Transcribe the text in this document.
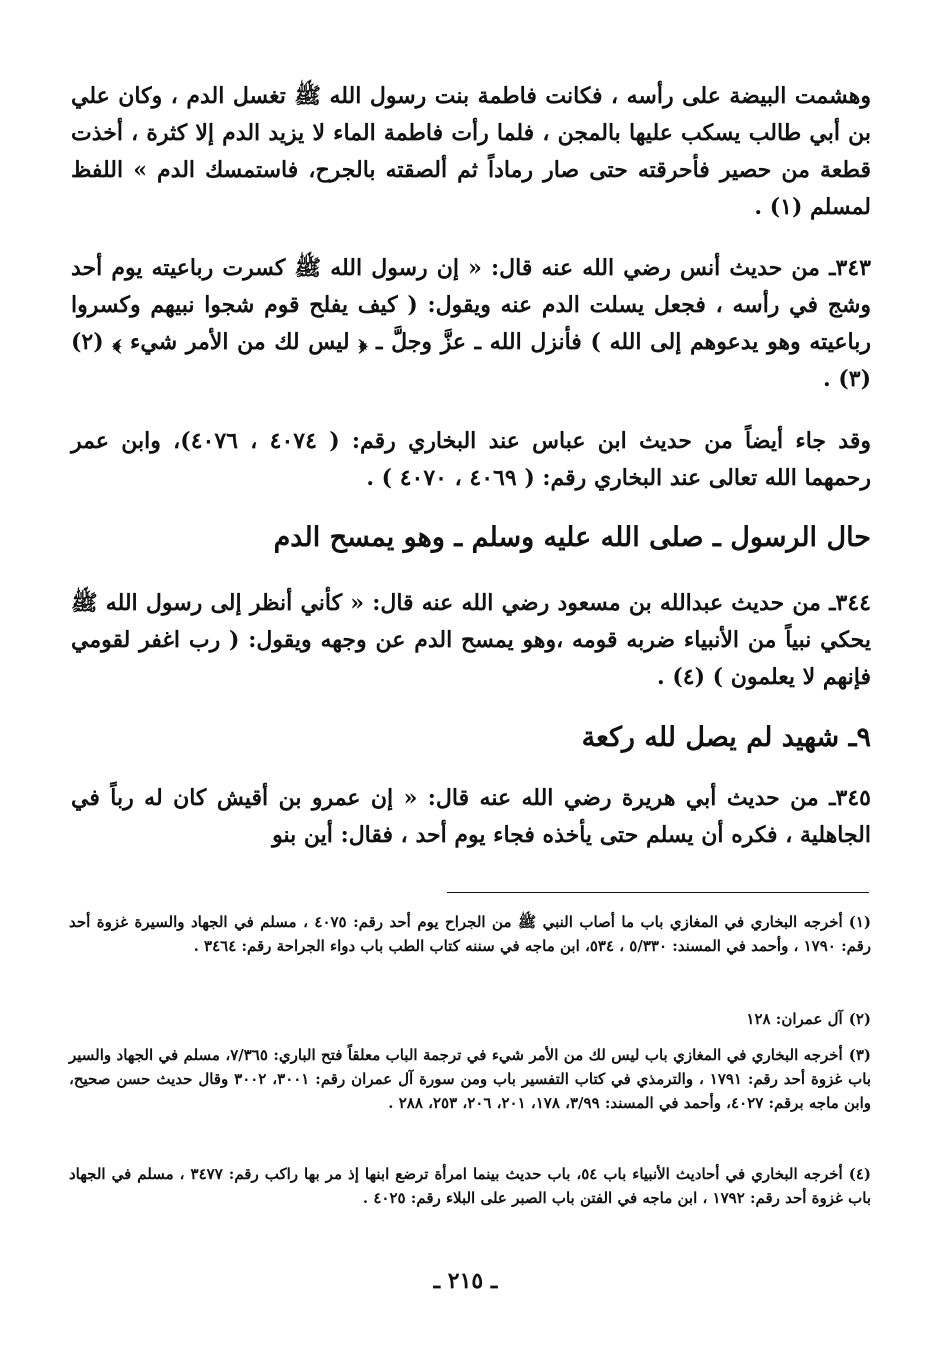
وهشمت البيضة على رأسه ، فكانت فاطمة بنت رسول الله ﷺ تغسل الدم ، وكان علي بن أبي طالب يسكب عليها بالمجن ، فلما رأت فاطمة الماء لا يزيد الدم إلا كثرة ، أخذت قطعة من حصير فأحرقته حتى صار رماداً ثم ألصقته بالجرح، فاستمسك الدم » اللفظ لمسلم (١) .
٣٤٣ـ من حديث أنس رضي الله عنه قال: « إن رسول الله ﷺ كسرت رباعيته يوم أحد وشج في رأسه ، فجعل يسلت الدم عنه ويقول: ( كيف يفلح قوم شجوا نبيهم وكسروا رباعيته وهو يدعوهم إلى الله ) فأنزل الله ـ عزَّ وجلَّ ـ ﴿ ليس لك من الأمر شيء ﴾ (٢) (٣) .
وقد جاء أيضاً من حديث ابن عباس عند البخاري رقم: ( ٤٠٧٤ ، ٤٠٧٦)، وابن عمر رحمهما الله تعالى عند البخاري رقم: ( ٤٠٦٩ ، ٤٠٧٠ ) .
حال الرسول ـ صلى الله عليه وسلم ـ وهو يمسح الدم
٣٤٤ـ من حديث عبدالله بن مسعود رضي الله عنه قال: « كأني أنظر إلى رسول الله ﷺ يحكي نبياً من الأنبياء ضربه قومه ،وهو يمسح الدم عن وجهه ويقول: ( رب اغفر لقومي فإنهم لا يعلمون ) (٤) .
٩ـ شهيد لم يصل لله ركعة
٣٤٥ـ من حديث أبي هريرة رضي الله عنه قال: « إن عمرو بن أقيش كان له رباً في الجاهلية ، فكره أن يسلم حتى يأخذه فجاء يوم أحد ، فقال: أين بنو
(١)أخرجه البخاري في المغازي باب ما أصاب النبي ﷺ من الجراح يوم أحد رقم: ٤٠٧٥ ، مسلم في الجهاد والسيرة غزوة أحد رقم: ١٧٩٠ ، وأحمد في المسند: ٥/٣٣٠ ، ٥٣٤، ابن ماجه في سننه كتاب الطب باب دواء الجراحة رقم: ٣٤٦٤ .
(٢)آل عمران: ١٢٨
(٣)أخرجه البخاري في المغازي باب ليس لك من الأمر شيء في ترجمة الباب معلقاً فتح الباري: ٧/٣٦٥، مسلم في الجهاد والسير باب غزوة أحد رقم: ١٧٩١ ، والترمذي في كتاب التفسير باب ومن سورة آل عمران رقم: ٣٠٠١، ٣٠٠٢ وقال حديث حسن صحيح، وابن ماجه برقم: ٤٠٢٧، وأحمد في المسند: ٣/٩٩، ١٧٨، ٢٠١، ٢٠٦، ٢٥٣، ٢٨٨ .
(٤)أخرجه البخاري في أحاديث الأنبياء باب ٥٤، باب حديث بينما امرأة ترضع ابنها إذ مر بها راكب رقم: ٣٤٧٧ ، مسلم في الجهاد باب غزوة أحد رقم: ١٧٩٢ ، ابن ماجه في الفتن باب الصبر على البلاء رقم: ٤٠٢٥ .
ـ ٢١٥ ـ
